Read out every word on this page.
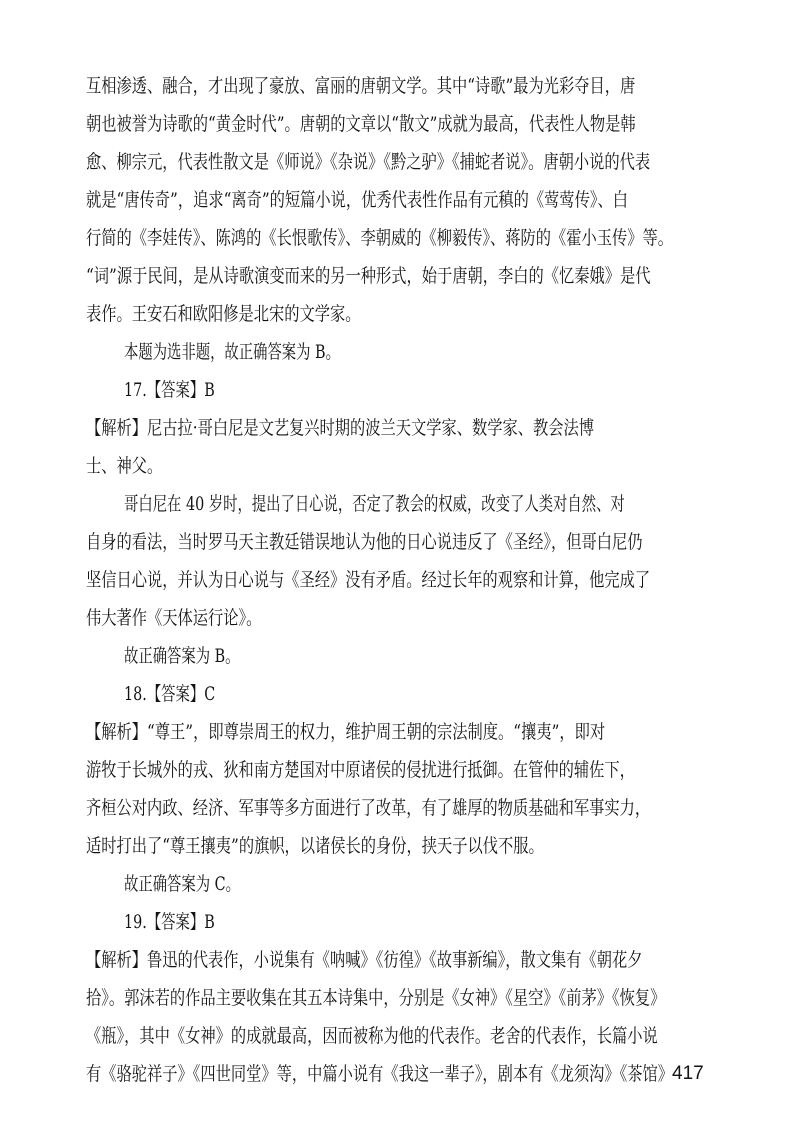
互相渗透、融合，才出现了豪放、富丽的唐朝文学。其中“诗歌”最为光彩夺目，唐
朝也被誉为诗歌的“黄金时代”。唐朝的文章以“散文”成就为最高，代表性人物是韩
愈、柳宗元，代表性散文是《师说》《杂说》《黔之驴》《捕蛇者说》。唐朝小说的代表
就是“唐传奇”，追求“离奇”的短篇小说，优秀代表性作品有元稹的《莺莺传》、白
行简的《李娃传》、陈鸿的《长恨歌传》、李朝威的《柳毅传》、蒋防的《霍小玉传》等。
“词”源于民间，是从诗歌演变而来的另一种形式，始于唐朝，李白的《忆秦娥》是代
表作。王安石和欧阳修是北宋的文学家。
本题为选非题，故正确答案为 B。
17.【答案】B
【解析】尼古拉·哥白尼是文艺复兴时期的波兰天文学家、数学家、教会法博
士、神父。
哥白尼在 40 岁时，提出了日心说，否定了教会的权威，改变了人类对自然、对
自身的看法，当时罗马天主教廷错误地认为他的日心说违反了《圣经》，但哥白尼仍
坚信日心说，并认为日心说与《圣经》没有矛盾。经过长年的观察和计算，他完成了
伟大著作《天体运行论》。
故正确答案为 B。
18.【答案】C
【解析】“尊王”，即尊崇周王的权力，维护周王朝的宗法制度。“攘夷”，即对
游牧于长城外的戎、狄和南方楚国对中原诸侯的侵扰进行抵御。在管仲的辅佐下，
齐桓公对内政、经济、军事等多方面进行了改革，有了雄厚的物质基础和军事实力，
适时打出了“尊王攘夷”的旗帜，以诸侯长的身份，挟天子以伐不服。
故正确答案为 C。
19.【答案】B
【解析】鲁迅的代表作，小说集有《呐喊》《彷徨》《故事新编》，散文集有《朝花夕
拾》。郭沫若的作品主要收集在其五本诗集中，分别是《女神》《星空》《前茅》《恢复》
《瓶》，其中《女神》的成就最高，因而被称为他的代表作。老舍的代表作，长篇小说
有《骆驼祥子》《四世同堂》等，中篇小说有《我这一辈子》，剧本有《龙须沟》《茶馆》
417
